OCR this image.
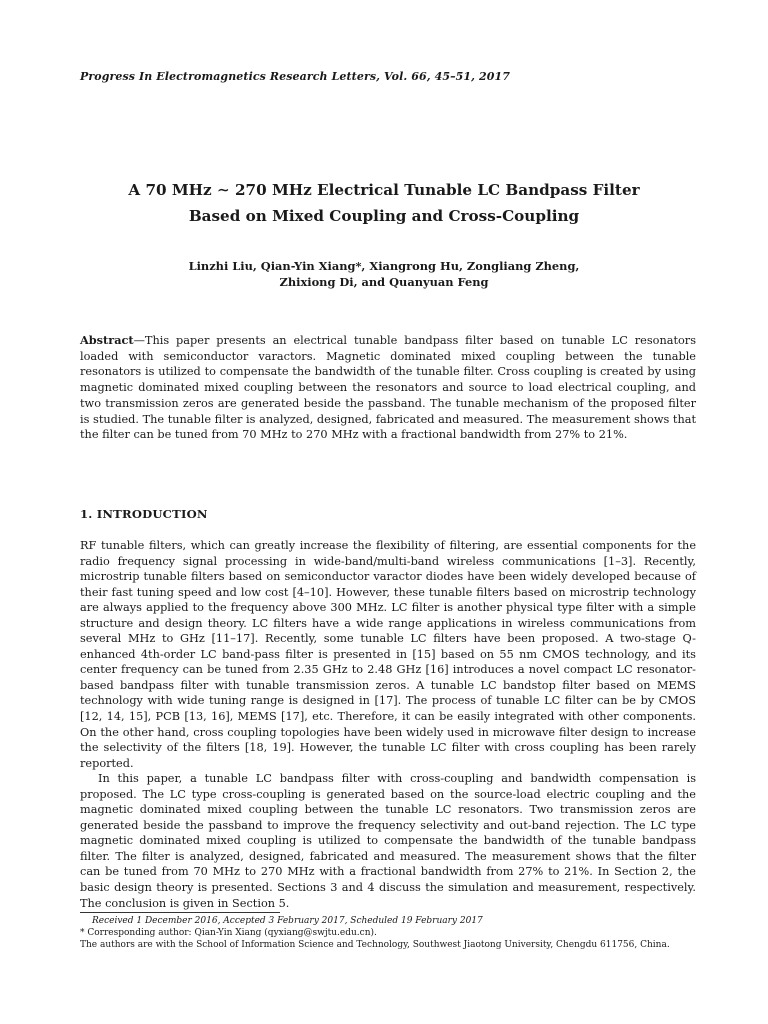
Progress In Electromagnetics Research Letters, Vol. 66, 45–51, 2017
A 70 MHz ∼ 270 MHz Electrical Tunable LC Bandpass Filter
Based on Mixed Coupling and Cross-Coupling
Linzhi Liu, Qian-Yin Xiang*, Xiangrong Hu, Zongliang Zheng,
Zhixiong Di, and Quanyuan Feng

Abstract—This paper presents an electrical tunable bandpass filter based on tunable LC resonators loaded with semiconductor varactors. Magnetic dominated mixed coupling between the tunable resonators is utilized to compensate the bandwidth of the tunable filter. Cross coupling is created by using magnetic dominated mixed coupling between the resonators and source to load electrical coupling, and two transmission zeros are generated beside the passband. The tunable mechanism of the proposed filter is studied. The tunable filter is analyzed, designed, fabricated and measured. The measurement shows that the filter can be tuned from 70 MHz to 270 MHz with a fractional bandwidth from 27% to 21%.

1. INTRODUCTION

RF tunable filters, which can greatly increase the flexibility of filtering, are essential components for the radio frequency signal processing in wide-band/multi-band wireless communications [1–3]. Recently, microstrip tunable filters based on semiconductor varactor diodes have been widely developed because of their fast tuning speed and low cost [4–10]. However, these tunable filters based on microstrip technology are always applied to the frequency above 300 MHz. LC filter is another physical type filter with a simple structure and design theory. LC filters have a wide range applications in wireless communications from several MHz to GHz [11–17]. Recently, some tunable LC filters have been proposed. A two-stage Q-enhanced 4th-order LC band-pass filter is presented in [15] based on 55 nm CMOS technology, and its center frequency can be tuned from 2.35 GHz to 2.48 GHz [16] introduces a novel compact LC resonator-based bandpass filter with tunable transmission zeros. A tunable LC bandstop filter based on MEMS technology with wide tuning range is designed in [17]. The process of tunable LC filter can be by CMOS [12, 14, 15], PCB [13, 16], MEMS [17], etc. Therefore, it can be easily integrated with other components. On the other hand, cross coupling topologies have been widely used in microwave filter design to increase the selectivity of the filters [18, 19]. However, the tunable LC filter with cross coupling has been rarely reported.

In this paper, a tunable LC bandpass filter with cross-coupling and bandwidth compensation is proposed. The LC type cross-coupling is generated based on the source-load electric coupling and the magnetic dominated mixed coupling between the tunable LC resonators. Two transmission zeros are generated beside the passband to improve the frequency selectivity and out-band rejection. The LC type magnetic dominated mixed coupling is utilized to compensate the bandwidth of the tunable bandpass filter. The filter is analyzed, designed, fabricated and measured. The measurement shows that the filter can be tuned from 70 MHz to 270 MHz with a fractional bandwidth from 27% to 21%. In Section 2, the basic design theory is presented. Sections 3 and 4 discuss the simulation and measurement, respectively. The conclusion is given in Section 5.

Received 1 December 2016, Accepted 3 February 2017, Scheduled 19 February 2017
* Corresponding author: Qian-Yin Xiang (qyxiang@swjtu.edu.cn).
The authors are with the School of Information Science and Technology, Southwest Jiaotong University, Chengdu 611756, China.
